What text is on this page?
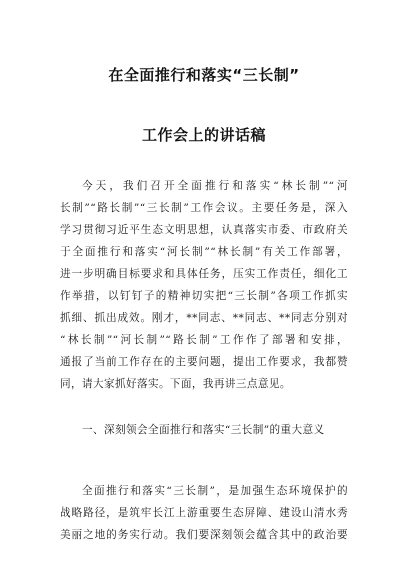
在全面推行和落实“三长制”
工作会上的讲话稿
今天，我们召开全面推行和落实“林长制”“河
长制”“路长制”“三长制”工作会议。主要任务是，深入
学习贯彻习近平生态文明思想，认真落实市委、市政府关
于全面推行和落实“河长制”“林长制”有关工作部署，
进一步明确目标要求和具体任务，压实工作责任，细化工
作举措，以钉钉子的精神切实把“三长制”各项工作抓实
抓细、抓出成效。刚才，**同志、**同志、**同志分别对
“林长制”“河长制”“路长制”工作作了部署和安排，
通报了当前工作存在的主要问题，提出工作要求，我都赞
同，请大家抓好落实。下面，我再讲三点意见。
一、深刻领会全面推行和落实“三长制”的重大意义
全面推行和落实“三长制”，是加强生态环境保护的
战略路径，是筑牢长江上游重要生态屏障、建设山清水秀
美丽之地的务实行动。我们要深刻领会蕴含其中的政治要
